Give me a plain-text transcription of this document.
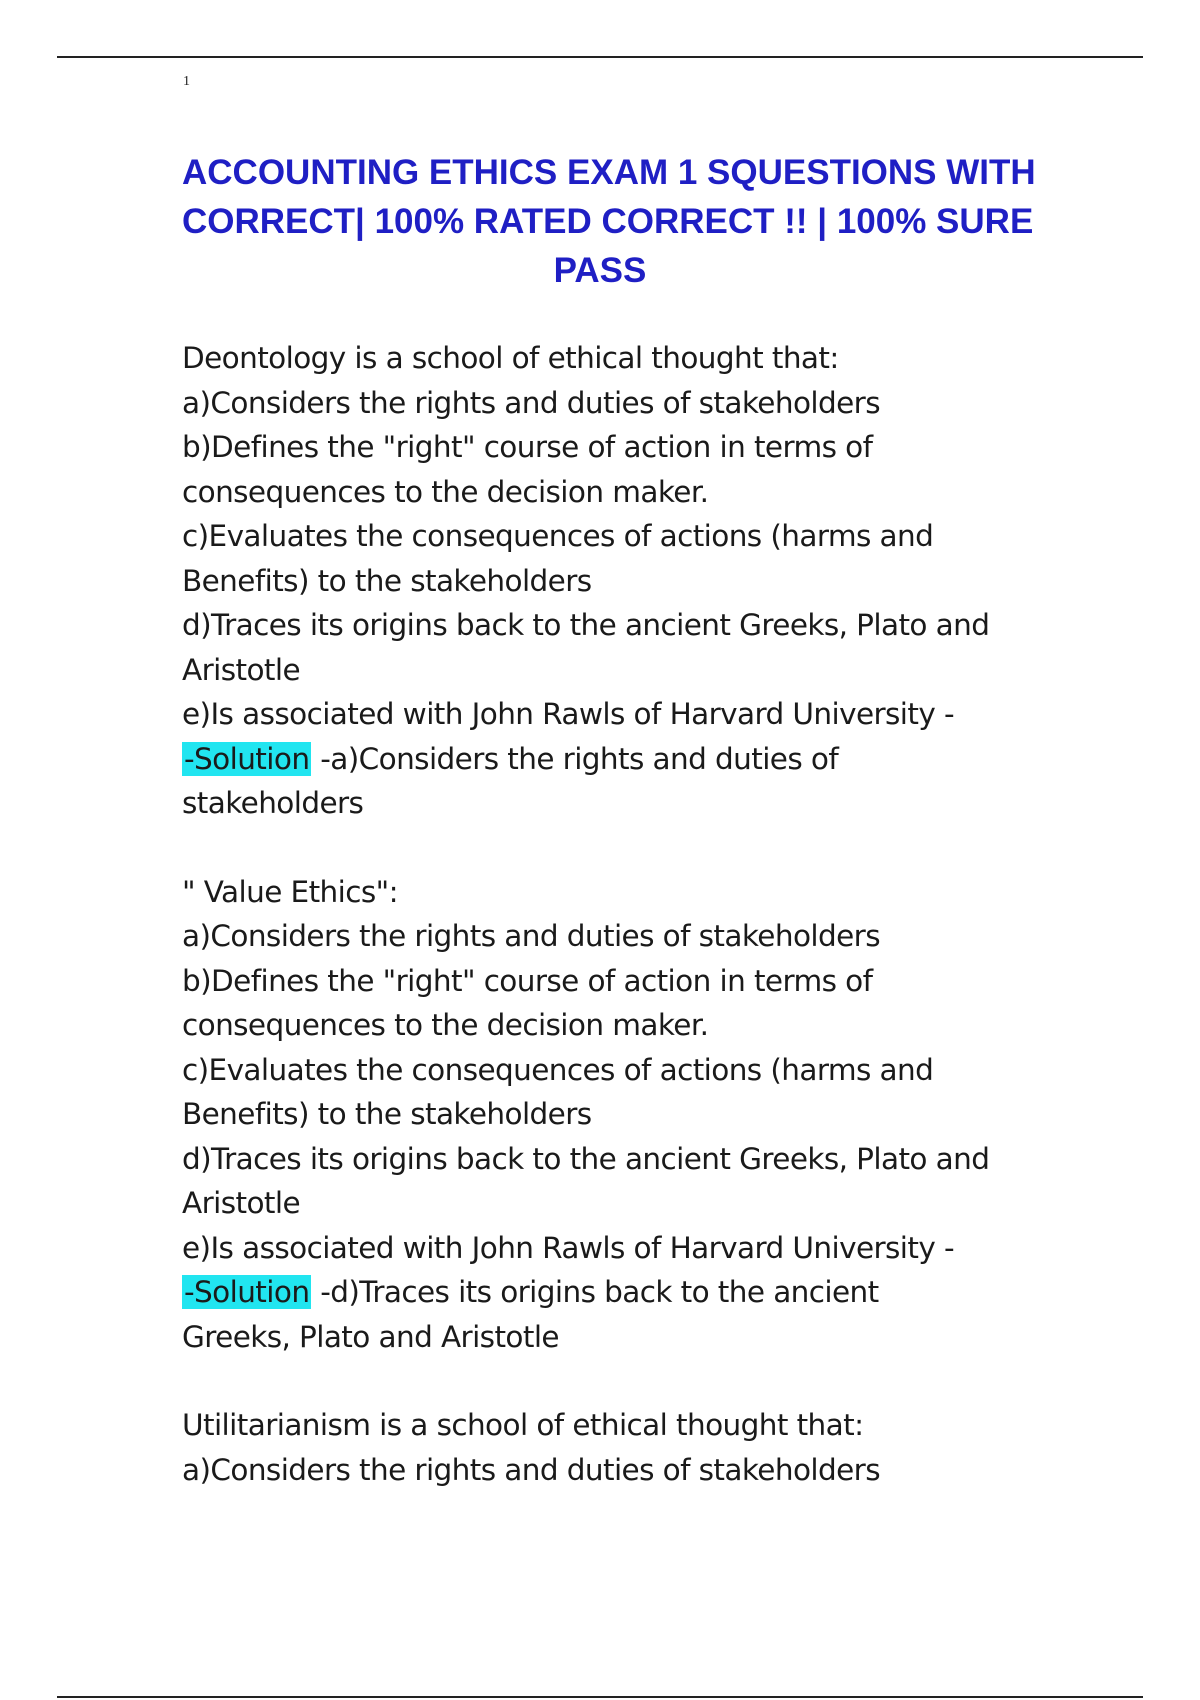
1
ACCOUNTING ETHICS EXAM 1 SQUESTIONS WITH
CORRECT| 100% RATED CORRECT !! | 100% SURE
PASS
Deontology is a school of ethical thought that:
a)Considers the rights and duties of stakeholders
b)Defines the "right" course of action in terms of
consequences to the decision maker.
c)Evaluates the consequences of actions (harms and
Benefits) to the stakeholders
d)Traces its origins back to the ancient Greeks, Plato and
Aristotle
e)Is associated with John Rawls of Harvard University -
-Solution -a)Considers the rights and duties of
stakeholders
" Value Ethics":
a)Considers the rights and duties of stakeholders
b)Defines the "right" course of action in terms of
consequences to the decision maker.
c)Evaluates the consequences of actions (harms and
Benefits) to the stakeholders
d)Traces its origins back to the ancient Greeks, Plato and
Aristotle
e)Is associated with John Rawls of Harvard University -
-Solution -d)Traces its origins back to the ancient
Greeks, Plato and Aristotle
Utilitarianism is a school of ethical thought that:
a)Considers the rights and duties of stakeholders
